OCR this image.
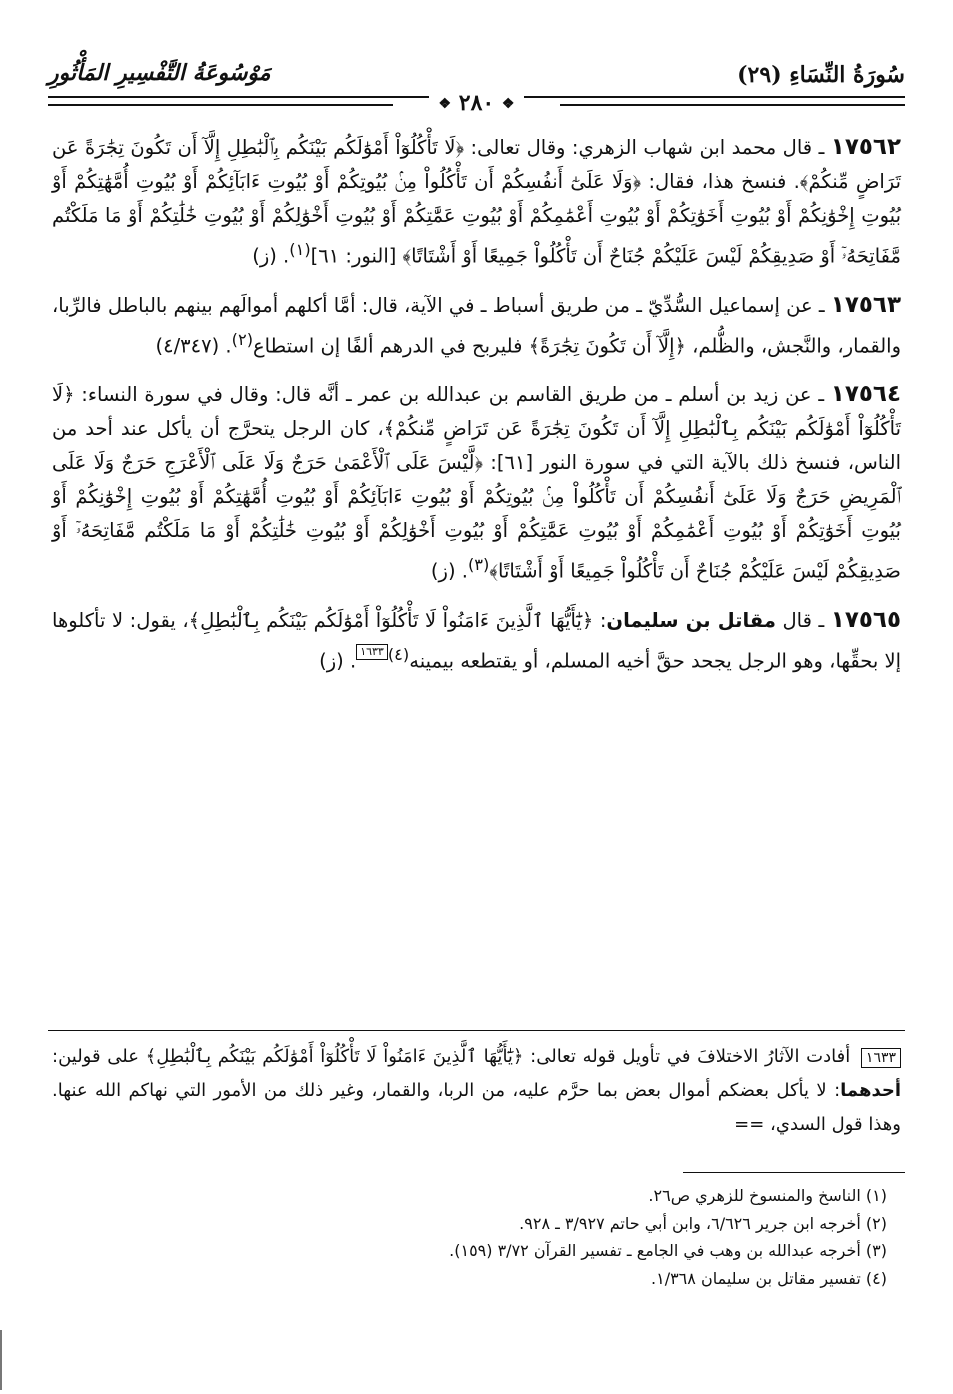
سُورَةُ النِّسَاءِ (٢٩)
مَوْسُوعَةُ التَّفْسِيرِ المَأْثُورِ
❖ ٢٨٠ ❖

١٧٥٦٢ ـ قال محمد ابن شهاب الزهري: وقال تعالى: ﴿لَا تَأْكُلُوٓاْ أَمْوَٰلَكُم بَيْنَكُم بِٱلْبَٰطِلِ إِلَّآ أَن تَكُونَ تِجَٰرَةً عَن تَرَاضٍ مِّنكُمْ﴾. فنسخ هذا، فقال: ﴿وَلَا عَلَىٰٓ أَنفُسِكُمْ أَن تَأْكُلُواْ مِنۢ بُيُوتِكُمْ أَوْ بُيُوتِ ءَابَآئِكُمْ أَوْ بُيُوتِ أُمَّهَٰتِكُمْ أَوْ بُيُوتِ إِخْوَٰنِكُمْ أَوْ بُيُوتِ أَخَوَٰتِكُمْ أَوْ بُيُوتِ أَعْمَٰمِكُمْ أَوْ بُيُوتِ عَمَّٰتِكُمْ أَوْ بُيُوتِ أَخْوَٰلِكُمْ أَوْ بُيُوتِ خَٰلَٰتِكُمْ أَوْ مَا مَلَكْتُم مَّفَاتِحَهُۥٓ أَوْ صَدِيقِكُمْ لَيْسَ عَلَيْكُمْ جُنَاحٌ أَن تَأْكُلُواْ جَمِيعًا أَوْ أَشْتَاتًا﴾ [النور: ٦١]$^{(١)}$. (ز)

١٧٥٦٣ ـ عن إسماعيل السُّدِّيّ ـ من طريق أسباط ـ في الآية، قال: أمَّا أكلهم أموالَهم بينهم بالباطل فالرِّبا، والقمار، والنَّجش، والظُّلم، ﴿إِلَّآ أَن تَكُونَ تِجَٰرَةً﴾ فليربح في الدرهم ألفًا إن استطاع$^{(٢)}$. (٤/٣٤٧)

١٧٥٦٤ ـ عن زيد بن أسلم ـ من طريق القاسم بن عبدالله بن عمر ـ أنَّه قال: وقال في سورة النساء: ﴿لَا تَأْكُلُوٓاْ أَمْوَٰلَكُم بَيْنَكُم بِٱلْبَٰطِلِ إِلَّآ أَن تَكُونَ تِجَٰرَةً عَن تَرَاضٍ مِّنكُمْ﴾، كان الرجل يتحرَّج أن يأكل عند أحد من الناس، فنسخ ذلك بالآية التي في سورة النور [٦١]: ﴿لَّيْسَ عَلَى ٱلْأَعْمَىٰ حَرَجٌ وَلَا عَلَى ٱلْأَعْرَجِ حَرَجٌ وَلَا عَلَى ٱلْمَرِيضِ حَرَجٌ وَلَا عَلَىٰٓ أَنفُسِكُمْ أَن تَأْكُلُواْ مِنۢ بُيُوتِكُمْ أَوْ بُيُوتِ ءَابَآئِكُمْ أَوْ بُيُوتِ أُمَّهَٰتِكُمْ أَوْ بُيُوتِ إِخْوَٰنِكُمْ أَوْ بُيُوتِ أَخَوَٰتِكُمْ أَوْ بُيُوتِ أَعْمَٰمِكُمْ أَوْ بُيُوتِ عَمَّٰتِكُمْ أَوْ بُيُوتِ أَخْوَٰلِكُمْ أَوْ بُيُوتِ خَٰلَٰتِكُمْ أَوْ مَا مَلَكْتُم مَّفَاتِحَهُۥٓ أَوْ صَدِيقِكُمْ لَيْسَ عَلَيْكُمْ جُنَاحٌ أَن تَأْكُلُواْ جَمِيعًا أَوْ أَشْتَاتًا﴾$^{(٣)}$. (ز)

١٧٥٦٥ ـ قال مقاتل بن سليمان: ﴿يَٰٓأَيُّهَا ٱلَّذِينَ ءَامَنُواْ لَا تَأْكُلُوٓاْ أَمْوَٰلَكُم بَيْنَكُم بِٱلْبَٰطِلِ﴾، يقول: لا تأكلوها إلا بحقِّها، وهو الرجل يجحد حقَّ أخيه المسلم، أو يقتطعه بيمينه$^{(٤)}$١٦٣٣. (ز)

١٦٣٣ أفادت الآثارُ الاختلافَ في تأويل قوله تعالى: ﴿يَٰٓأَيُّهَا ٱلَّذِينَ ءَامَنُواْ لَا تَأْكُلُوٓاْ أَمْوَٰلَكُم بَيْنَكُم بِٱلْبَٰطِلِ﴾ على قولين: أحدهما: لا يأكل بعضكم أموال بعض بما حرَّم عليه، من الربا، والقمار، وغير ذلك من الأمور التي نهاكم الله عنها. وهذا قول السدي، ==

(١) الناسخ والمنسوخ للزهري ص٢٦.

(٢) أخرجه ابن جرير ٦/٦٢٦، وابن أبي حاتم ٣/٩٢٧ ـ ٩٢٨.

(٣) أخرجه عبدالله بن وهب في الجامع ـ تفسير القرآن ٣/٧٢ (١٥٩).

(٤) تفسير مقاتل بن سليمان ١/٣٦٨.
